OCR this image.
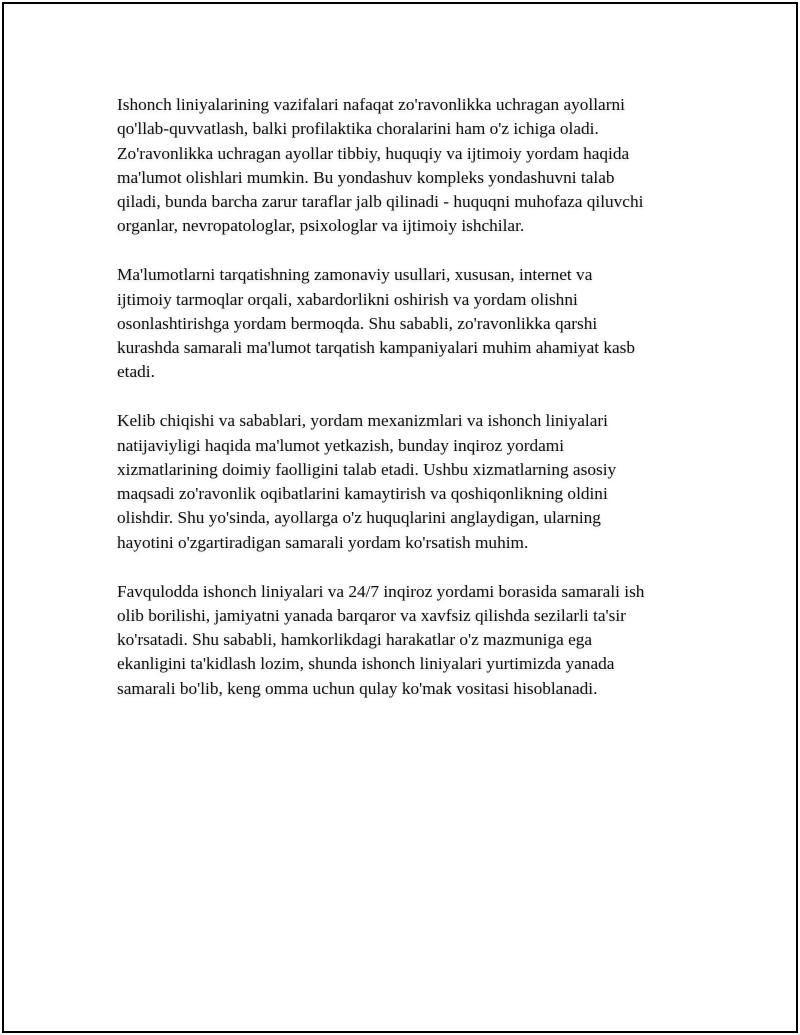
Ishonch liniyalarining vazifalari nafaqat zo'ravonlikka uchragan ayollarni
qo'llab-quvvatlash, balki profilaktika choralarini ham o'z ichiga oladi.
Zo'ravonlikka uchragan ayollar tibbiy, huquqiy va ijtimoiy yordam haqida
ma'lumot olishlari mumkin. Bu yondashuv kompleks yondashuvni talab
qiladi, bunda barcha zarur taraflar jalb qilinadi - huquqni muhofaza qiluvchi
organlar, nevropatologlar, psixologlar va ijtimoiy ishchilar.

Ma'lumotlarni tarqatishning zamonaviy usullari, xususan, internet va
ijtimoiy tarmoqlar orqali, xabardorlikni oshirish va yordam olishni
osonlashtirishga yordam bermoqda. Shu sababli, zo'ravonlikka qarshi
kurashda samarali ma'lumot tarqatish kampaniyalari muhim ahamiyat kasb
etadi.

Kelib chiqishi va sabablari, yordam mexanizmlari va ishonch liniyalari
natijaviyligi haqida ma'lumot yetkazish, bunday inqiroz yordami
xizmatlarining doimiy faolligini talab etadi. Ushbu xizmatlarning asosiy
maqsadi zo'ravonlik oqibatlarini kamaytirish va qoshiqonlikning oldini
olishdir. Shu yo'sinda, ayollarga o'z huquqlarini anglaydigan, ularning
hayotini o'zgartiradigan samarali yordam ko'rsatish muhim.

Favqulodda ishonch liniyalari va 24/7 inqiroz yordami borasida samarali ish
olib borilishi, jamiyatni yanada barqaror va xavfsiz qilishda sezilarli ta'sir
ko'rsatadi. Shu sababli, hamkorlikdagi harakatlar o'z mazmuniga ega
ekanligini ta'kidlash lozim, shunda ishonch liniyalari yurtimizda yanada
samarali bo'lib, keng omma uchun qulay ko'mak vositasi hisoblanadi.
